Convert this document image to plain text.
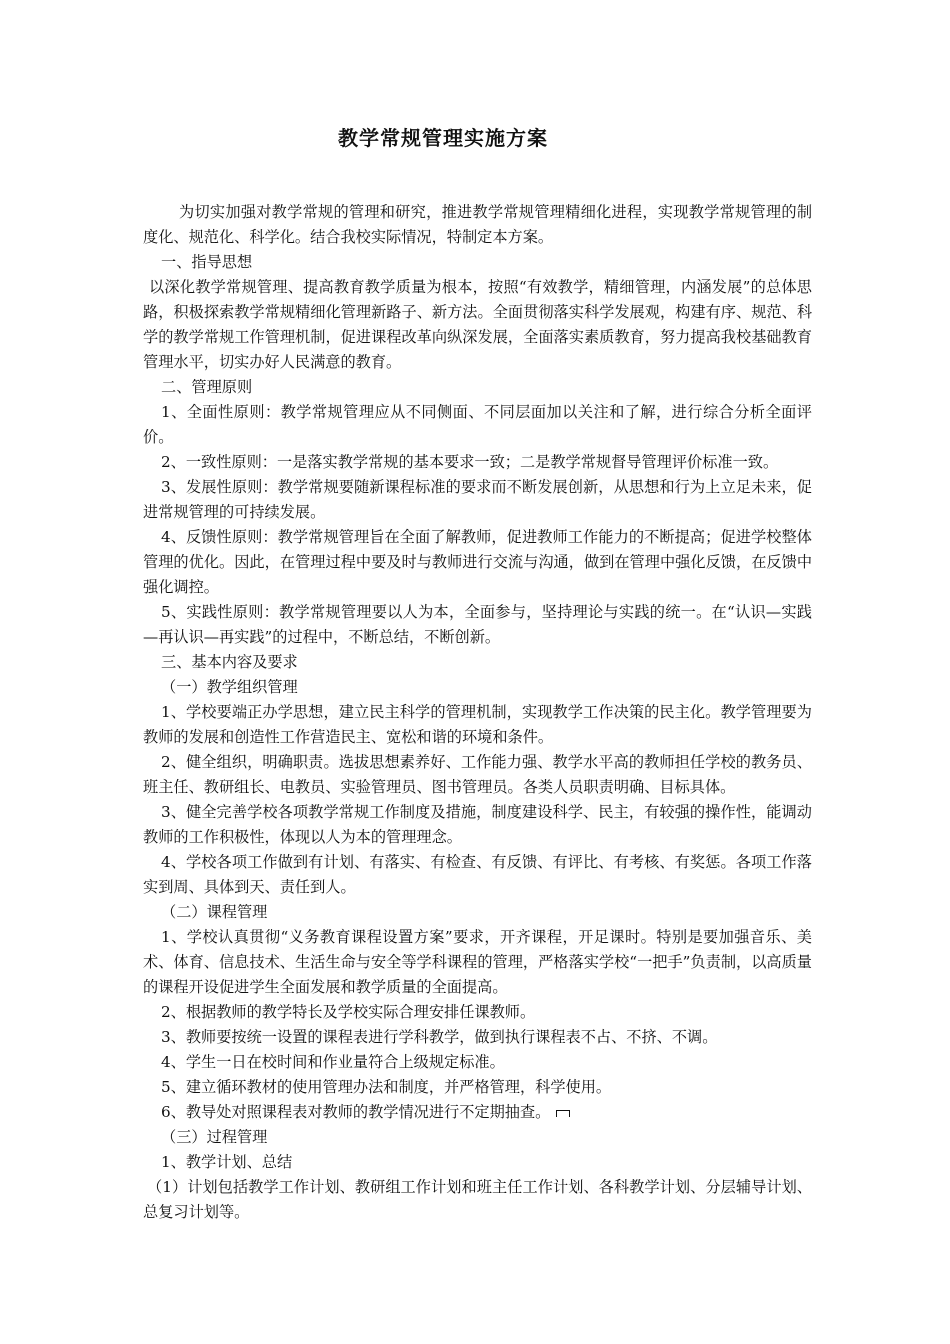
教学常规管理实施方案

为切实加强对教学常规的管理和研究，推进教学常规管理精细化进程，实现教学常规管理的制度化、规范化、科学化。结合我校实际情况，特制定本方案。

一、指导思想

以深化教学常规管理、提高教育教学质量为根本，按照“有效教学，精细管理，内涵发展”的总体思路，积极探索教学常规精细化管理新路子、新方法。全面贯彻落实科学发展观，构建有序、规范、科学的教学常规工作管理机制，促进课程改革向纵深发展，全面落实素质教育，努力提高我校基础教育管理水平，切实办好人民满意的教育。

二、管理原则

1、全面性原则：教学常规管理应从不同侧面、不同层面加以关注和了解，进行综合分析全面评价。

2、一致性原则：一是落实教学常规的基本要求一致；二是教学常规督导管理评价标准一致。

3、发展性原则：教学常规要随新课程标准的要求而不断发展创新，从思想和行为上立足未来，促进常规管理的可持续发展。

4、反馈性原则：教学常规管理旨在全面了解教师，促进教师工作能力的不断提高；促进学校整体管理的优化。因此，在管理过程中要及时与教师进行交流与沟通，做到在管理中强化反馈，在反馈中强化调控。

5、实践性原则：教学常规管理要以人为本，全面参与，坚持理论与实践的统一。在“认识—实践—再认识—再实践”的过程中，不断总结，不断创新。

三、基本内容及要求

（一）教学组织管理

1、学校要端正办学思想，建立民主科学的管理机制，实现教学工作决策的民主化。教学管理要为教师的发展和创造性工作营造民主、宽松和谐的环境和条件。

2、健全组织，明确职责。选拔思想素养好、工作能力强、教学水平高的教师担任学校的教务员、班主任、教研组长、电教员、实验管理员、图书管理员。各类人员职责明确、目标具体。

3、健全完善学校各项教学常规工作制度及措施，制度建设科学、民主，有较强的操作性，能调动教师的工作积极性，体现以人为本的管理理念。

4、学校各项工作做到有计划、有落实、有检查、有反馈、有评比、有考核、有奖惩。各项工作落实到周、具体到天、责任到人。

（二）课程管理

1、学校认真贯彻“义务教育课程设置方案”要求，开齐课程，开足课时。特别是要加强音乐、美术、体育、信息技术、生活生命与安全等学科课程的管理，严格落实学校“一把手”负责制，以高质量的课程开设促进学生全面发展和教学质量的全面提高。

2、根据教师的教学特长及学校实际合理安排任课教师。

3、教师要按统一设置的课程表进行学科教学，做到执行课程表不占、不挤、不调。

4、学生一日在校时间和作业量符合上级规定标准。

5、建立循环教材的使用管理办法和制度，并严格管理，科学使用。

6、教导处对照课程表对教师的教学情况进行不定期抽查。

（三）过程管理

1、教学计划、总结

（1）计划包括教学工作计划、教研组工作计划和班主任工作计划、各科教学计划、分层辅导计划、总复习计划等。
